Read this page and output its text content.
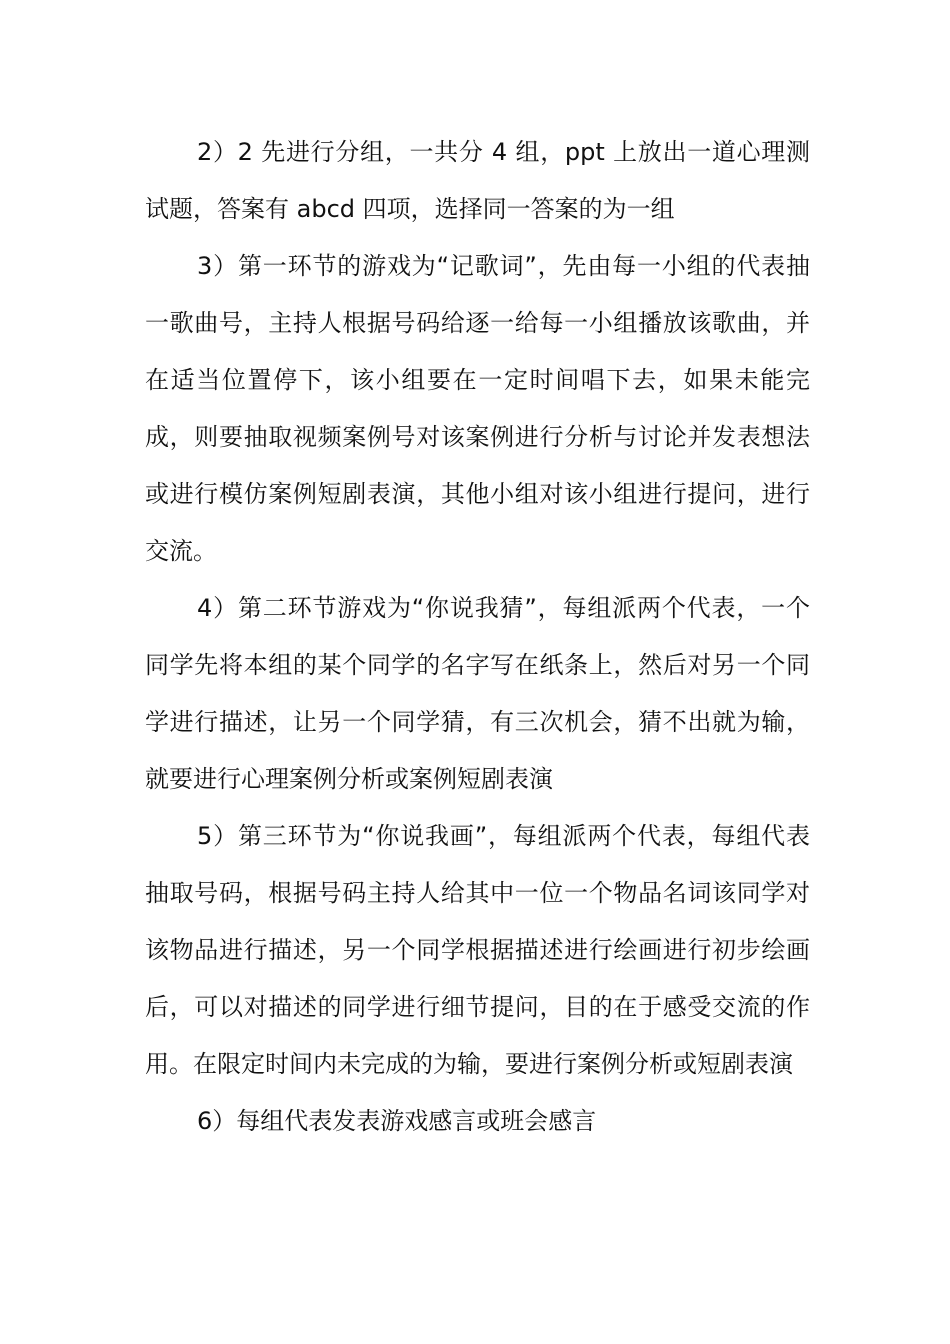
2）2 先进行分组，一共分 4 组，ppt 上放出一道心理测试题，答案有 abcd 四项，选择同一答案的为一组

3）第一环节的游戏为“记歌词”，先由每一小组的代表抽一歌曲号，主持人根据号码给逐一给每一小组播放该歌曲，并在适当位置停下，该小组要在一定时间唱下去，如果未能完成，则要抽取视频案例号对该案例进行分析与讨论并发表想法或进行模仿案例短剧表演，其他小组对该小组进行提问，进行交流。

4）第二环节游戏为“你说我猜”，每组派两个代表，一个同学先将本组的某个同学的名字写在纸条上，然后对另一个同学进行描述，让另一个同学猜，有三次机会，猜不出就为输，就要进行心理案例分析或案例短剧表演

5）第三环节为“你说我画”，每组派两个代表，每组代表抽取号码，根据号码主持人给其中一位一个物品名词该同学对该物品进行描述，另一个同学根据描述进行绘画进行初步绘画后，可以对描述的同学进行细节提问，目的在于感受交流的作用。在限定时间内未完成的为输，要进行案例分析或短剧表演

6）每组代表发表游戏感言或班会感言
